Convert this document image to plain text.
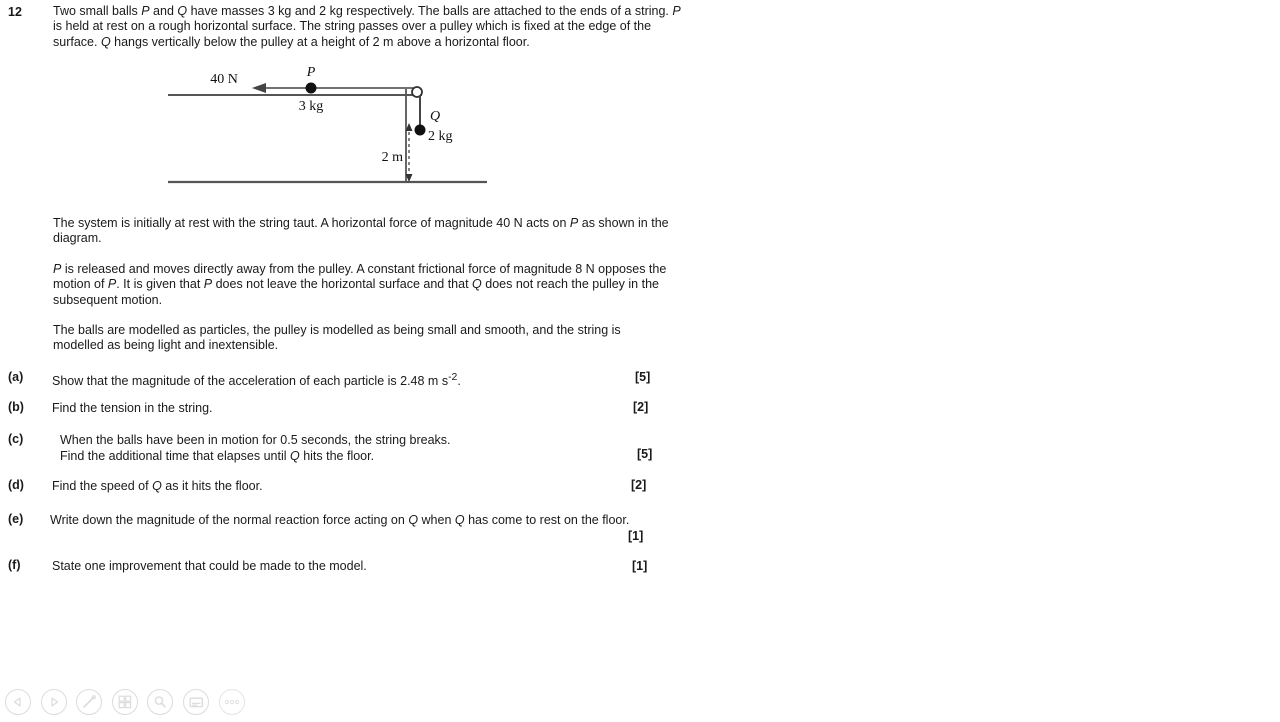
12 Two small balls P and Q have masses 3 kg and 2 kg respectively. The balls are attached to the ends of a string. P is held at rest on a rough horizontal surface. The string passes over a pulley which is fixed at the edge of the surface. Q hangs vertically below the pulley at a height of 2 m above a horizontal floor.
40 N	P
3 kg
Q
2 kg
2 m
The system is initially at rest with the string taut. A horizontal force of magnitude 40 N acts on P as shown in the diagram.
P is released and moves directly away from the pulley. A constant frictional force of magnitude 8 N opposes the motion of P. It is given that P does not leave the horizontal surface and that Q does not reach the pulley in the subsequent motion.
The balls are modelled as particles, the pulley is modelled as being small and smooth, and the string is modelled as being light and inextensible.
(a) Show that the magnitude of the acceleration of each particle is 2.48 m $s^{-2}$.	[5]
(b) Find the tension in the string.	[2]
(c)	When the balls have been in motion for 0.5 seconds, the string breaks.
Find the additional time that elapses until Q hits the floor.	[5]
(d) Find the speed of Q as it hits the floor.	[2]
(e) Write down the magnitude of the normal reaction force acting on Q when Q has come to rest on the floor.
[1]
(f)	State one improvement that could be made to the model.	[1]
